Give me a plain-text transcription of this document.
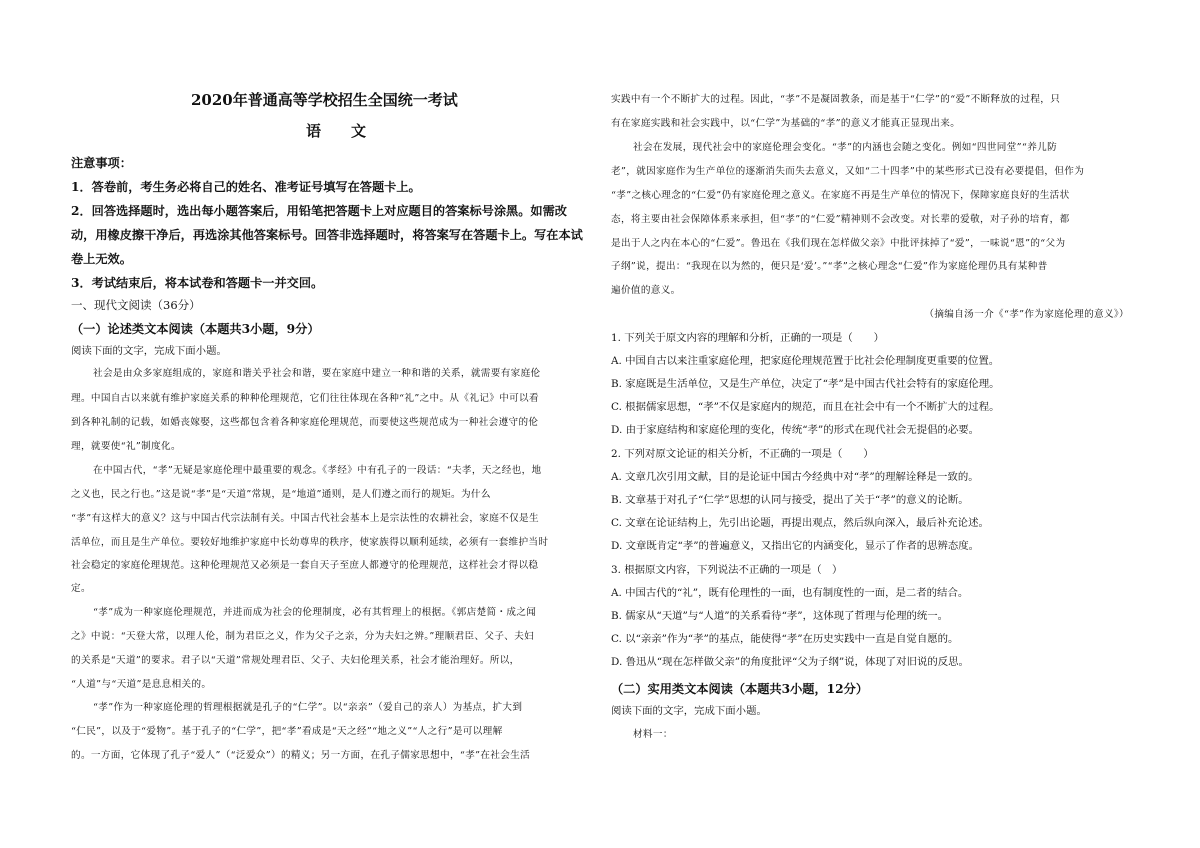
2020年普通高等学校招生全国统一考试
语　　文
注意事项：
1．答卷前，考生务必将自己的姓名、准考证号填写在答题卡上。
2．回答选择题时，选出每小题答案后，用铅笔把答题卡上对应题目的答案标号涂黑。如需改
动，用橡皮擦干净后，再选涂其他答案标号。回答非选择题时，将答案写在答题卡上。写在本试
卷上无效。
3．考试结束后，将本试卷和答题卡一并交回。
一、现代文阅读（36分）
（一）论述类文本阅读（本题共3小题，9分）
阅读下面的文字，完成下面小题。
社会是由众多家庭组成的，家庭和谐关乎社会和谐，要在家庭中建立一种和谐的关系，就需要有家庭伦
理。中国自古以来就有维护家庭关系的种种伦理规范，它们往往体现在各种“礼”之中。从《礼记》中可以看
到各种礼制的记载，如婚丧嫁娶，这些都包含着各种家庭伦理规范，而要使这些规范成为一种社会遵守的伦
理，就要使“礼”制度化。
在中国古代，“孝”无疑是家庭伦理中最重要的观念。《孝经》中有孔子的一段话：“夫孝，天之经也，地
之义也，民之行也。”这是说“孝”是“天道”常规，是“地道”通则，是人们遵之而行的规矩。为什么
“孝”有这样大的意义？这与中国古代宗法制有关。中国古代社会基本上是宗法性的农耕社会，家庭不仅是生
活单位，而且是生产单位。要较好地维护家庭中长幼尊卑的秩序，使家族得以顺利延续，必须有一套维护当时
社会稳定的家庭伦理规范。这种伦理规范又必须是一套自天子至庶人都遵守的伦理规范，这样社会才得以稳
定。
“孝”成为一种家庭伦理规范，并进而成为社会的伦理制度，必有其哲理上的根据。《郭店楚简・成之闻
之》中说：“天登大常，以理人伦，制为君臣之义，作为父子之亲，分为夫妇之辨。”理顺君臣、父子、夫妇
的关系是“天道”的要求。君子以“天道”常规处理君臣、父子、夫妇伦理关系，社会才能治理好。所以，
“人道”与“天道”是息息相关的。
“孝”作为一种家庭伦理的哲理根据就是孔子的“仁学”。以“亲亲”（爱自己的亲人）为基点，扩大到
“仁民”，以及于“爱物”。基于孔子的“仁学”，把“孝”看成是“天之经”“地之义”“人之行”是可以理解
的。一方面，它体现了孔子“爱人”（“泛爱众”）的精义；另一方面，在孔子儒家思想中，“孝”在社会生活
实践中有一个不断扩大的过程。因此，“孝”不是凝固教条，而是基于“仁学”的“爱”不断释放的过程，只
有在家庭实践和社会实践中，以“仁学”为基础的“孝”的意义才能真正显现出来。
社会在发展，现代社会中的家庭伦理会变化。“孝”的内涵也会随之变化。例如“四世同堂”“养儿防
老”，就因家庭作为生产单位的逐渐消失而失去意义，又如“二十四孝”中的某些形式已没有必要提倡，但作为
“孝”之核心理念的“仁爱”仍有家庭伦理之意义。在家庭不再是生产单位的情况下，保障家庭良好的生活状
态，将主要由社会保障体系来承担，但“孝”的“仁爱”精神则不会改变。对长辈的爱敬，对子孙的培育，都
是出于人之内在本心的“仁爱”。鲁迅在《我们现在怎样做父亲》中批评抹掉了“爱”，一味说“恩”的“父为
子纲”说，提出：“我现在以为然的，便只是‘爱’。”“孝”之核心理念“仁爱”作为家庭伦理仍具有某种普
遍价值的意义。
（摘编自汤一介《“孝”作为家庭伦理的意义》）
1. 下列关于原文内容的理解和分析，正确的一项是（　　）
A. 中国自古以来注重家庭伦理，把家庭伦理规范置于比社会伦理制度更重要的位置。
B. 家庭既是生活单位，又是生产单位，决定了“孝”是中国古代社会特有的家庭伦理。
C. 根据儒家思想，“孝”不仅是家庭内的规范，而且在社会中有一个不断扩大的过程。
D. 由于家庭结构和家庭伦理的变化，传统“孝”的形式在现代社会无提倡的必要。
2. 下列对原文论证的相关分析，不正确的一项是（　　）
A. 文章几次引用文献，目的是论证中国古今经典中对“孝”的理解诠释是一致的。
B. 文章基于对孔子“仁学”思想的认同与接受，提出了关于“孝”的意义的论断。
C. 文章在论证结构上，先引出论题，再提出观点，然后纵向深入，最后补充论述。
D. 文章既肯定“孝”的普遍意义，又指出它的内涵变化，显示了作者的思辨态度。
3. 根据原文内容，下列说法不正确的一项是（　）
A. 中国古代的“礼”，既有伦理性的一面，也有制度性的一面，是二者的结合。
B. 儒家从“天道”与“人道”的关系看待“孝”，这体现了哲理与伦理的统一。
C. 以“亲亲”作为“孝”的基点，能使得“孝”在历史实践中一直是自觉自愿的。
D. 鲁迅从“现在怎样做父亲”的角度批评“父为子纲”说，体现了对旧说的反思。
（二）实用类文本阅读（本题共3小题，12分）
阅读下面的文字，完成下面小题。
材料一：
